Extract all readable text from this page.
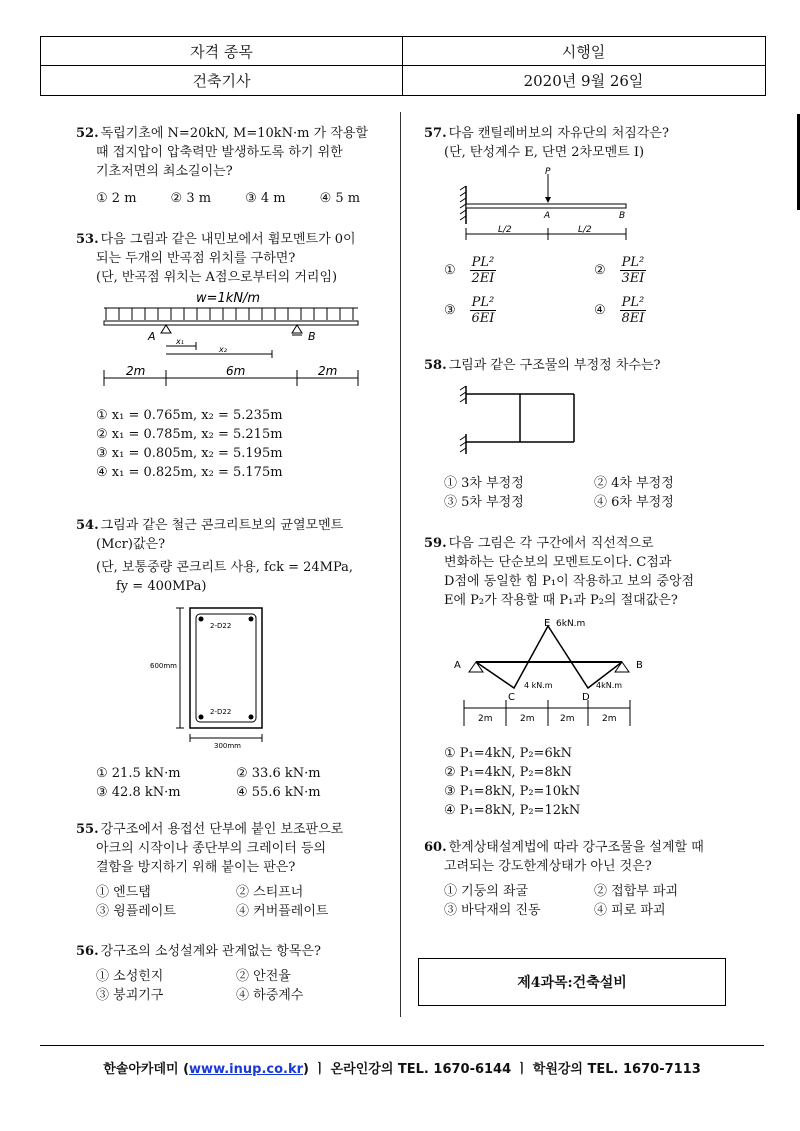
자격 종목	시행일
건축기사	2020년 9월 26일

52. 독립기초에 N=20kN, M=10kN·m 가 작용할

때 접지압이 압축력만 발생하도록 하기 위한

기초저면의 최소길이는?

① 2 m	② 3 m	③ 4 m	④ 5 m

53. 다음 그림과 같은 내민보에서 휨모멘트가 0이

되는 두개의 반곡점 위치를 구하면?

(단, 반곡점 위치는 A점으로부터의 거리임)

w=1kN/m
A	B
x₁
x₂
2m	6m	2m

① x₁ = 0.765m, x₂ = 5.235m

② x₁ = 0.785m, x₂ = 5.215m

③ x₁ = 0.805m, x₂ = 5.195m

④ x₁ = 0.825m, x₂ = 5.175m

54. 그림과 같은 철근 콘크리트보의 균열모멘트

(Mcr)값은?

(단, 보통중량 콘크리트 사용, fck = 24MPa,

fy = 400MPa)

2-D22
2-D22
600mm
300mm
① 21.5 kN·m	② 33.6 kN·m
③ 42.8 kN·m	④ 55.6 kN·m

55. 강구조에서 용접선 단부에 붙인 보조판으로

아크의 시작이나 종단부의 크레이터 등의

결함을 방지하기 위해 붙이는 판은?

① 엔드탭	② 스티프너
③ 윙플레이트	④ 커버플레이트

56. 강구조의 소성설계와 관계없는 항목은?

① 소성힌지	② 안전율
③ 붕괴기구	④ 하중계수

57. 다음 캔틸레버보의 자유단의 처짐각은?

(단, 탄성계수 E, 단면 2차모멘트 I)

P
A	B
L/2	L/2
① $\frac{\text{PL²}}{2EI}$	② $\frac{\text{PL²}}{3EI}$
③ $\frac{\text{PL²}}{6EI}$	④ $\frac{\text{PL²}}{8EI}$

58. 그림과 같은 구조물의 부정정 차수는?

① 3차 부정정	② 4차 부정정
③ 5차 부정정	④ 6차 부정정

59. 다음 그림은 각 구간에서 직선적으로

변화하는 단순보의 모멘트도이다. C점과

D점에 동일한 힘 P₁이 작용하고 보의 중앙점

E에 P₂가 작용할 때 P₁과 P₂의 절대값은?

E 6kN.m
A	B
C	D
4 kN.m	4kN.m
2m	2m	2m	2m

① P₁=4kN, P₂=6kN

② P₁=4kN, P₂=8kN

③ P₁=8kN, P₂=10kN

④ P₁=8kN, P₂=12kN

60. 한계상태설계법에 따라 강구조물을 설계할 때

고려되는 강도한계상태가 아닌 것은?

① 기둥의 좌굴	② 접합부 파괴
③ 바닥재의 진동	④ 피로 파괴
제4과목:건축설비
한솔아카데미 (www.inup.co.kr) ㅣ 온라인강의 TEL. 1670-6144 ㅣ 학원강의 TEL. 1670-7113
